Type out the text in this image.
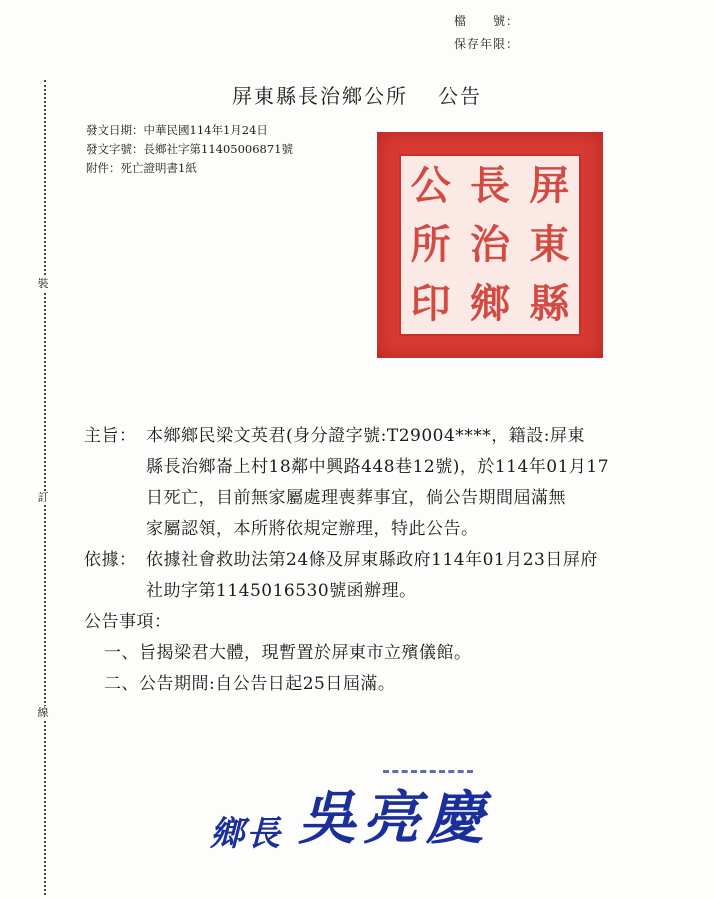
裝
訂
線
檔　　號：
保存年限：
屏東縣長治鄉公所 公告
發文日期：中華民國114年1月24日
發文字號：長鄉社字第11405006871號
附件：死亡證明書1紙	屏
東
縣
長
治
鄉
公
所
印
主旨： 本鄉鄉民梁文英君(身分證字號:T29004****，籍設:屏東
縣長治鄉崙上村18鄰中興路448巷12號)，於114年01月17
日死亡，目前無家屬處理喪葬事宜，倘公告期間屆滿無
家屬認領，本所將依規定辦理，特此公告。
依據： 依據社會救助法第24條及屏東縣政府114年01月23日屏府
社助字第1145016530號函辦理。
公告事項：
一、旨揭梁君大體，現暫置於屏東市立殯儀館。
二、公告期間:自公告日起25日屆滿。
鄉長 吳亮慶
